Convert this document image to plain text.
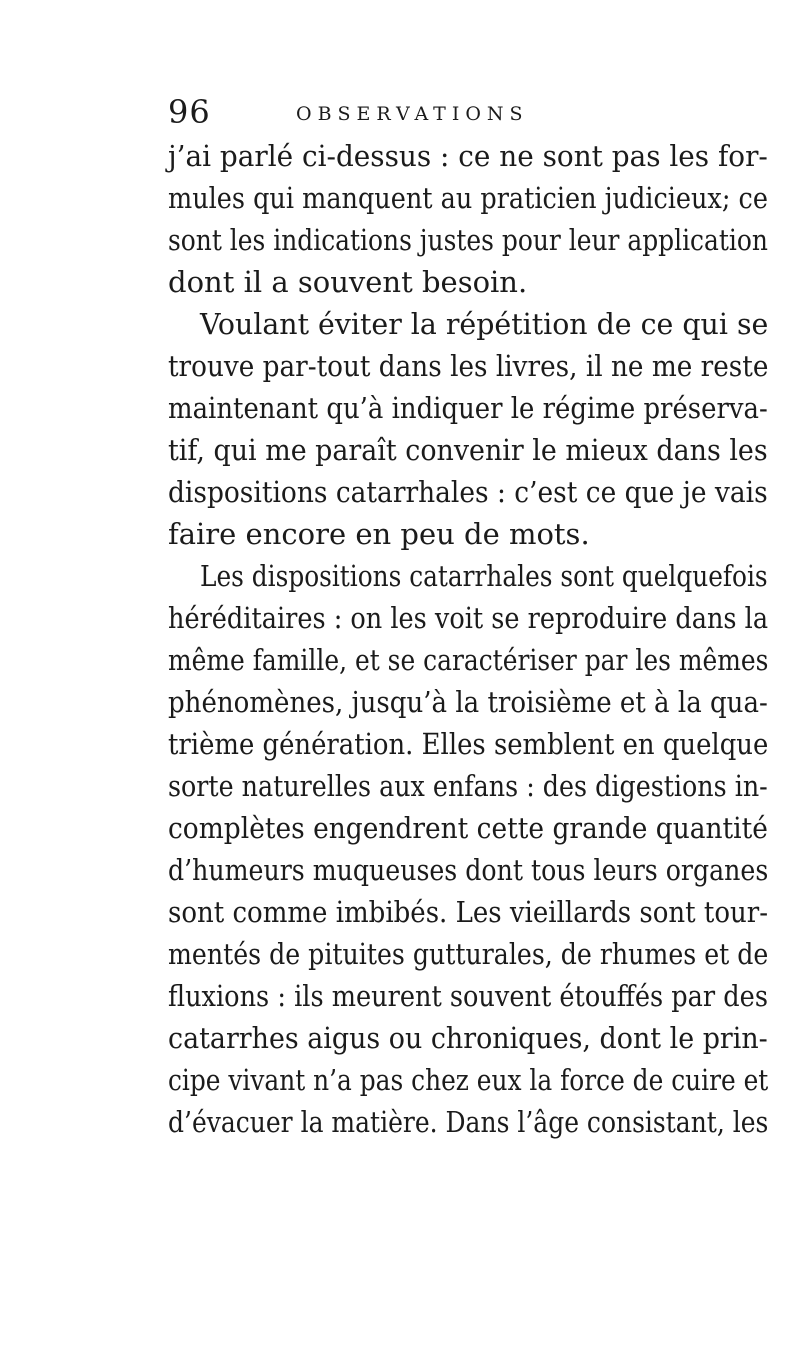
96	OBSERVATIONS
j’ai parlé ci-dessus : ce ne sont pas les for-
mules qui manquent au praticien judicieux; ce
sont les indications justes pour leur application
dont il a souvent besoin.
Voulant éviter la répétition de ce qui se
trouve par-tout dans les livres, il ne me reste
maintenant qu’à indiquer le régime préserva-
tif, qui me paraît convenir le mieux dans les
dispositions catarrhales : c’est ce que je vais
faire encore en peu de mots.
Les dispositions catarrhales sont quelquefois
héréditaires : on les voit se reproduire dans la
même famille, et se caractériser par les mêmes
phénomènes, jusqu’à la troisième et à la qua-
trième génération. Elles semblent en quelque
sorte naturelles aux enfans : des digestions in-
complètes engendrent cette grande quantité
d’humeurs muqueuses dont tous leurs organes
sont comme imbibés. Les vieillards sont tour-
mentés de pituites gutturales, de rhumes et de
fluxions : ils meurent souvent étouffés par des
catarrhes aigus ou chroniques, dont le prin-
cipe vivant n’a pas chez eux la force de cuire et
d’évacuer la matière. Dans l’âge consistant, les
